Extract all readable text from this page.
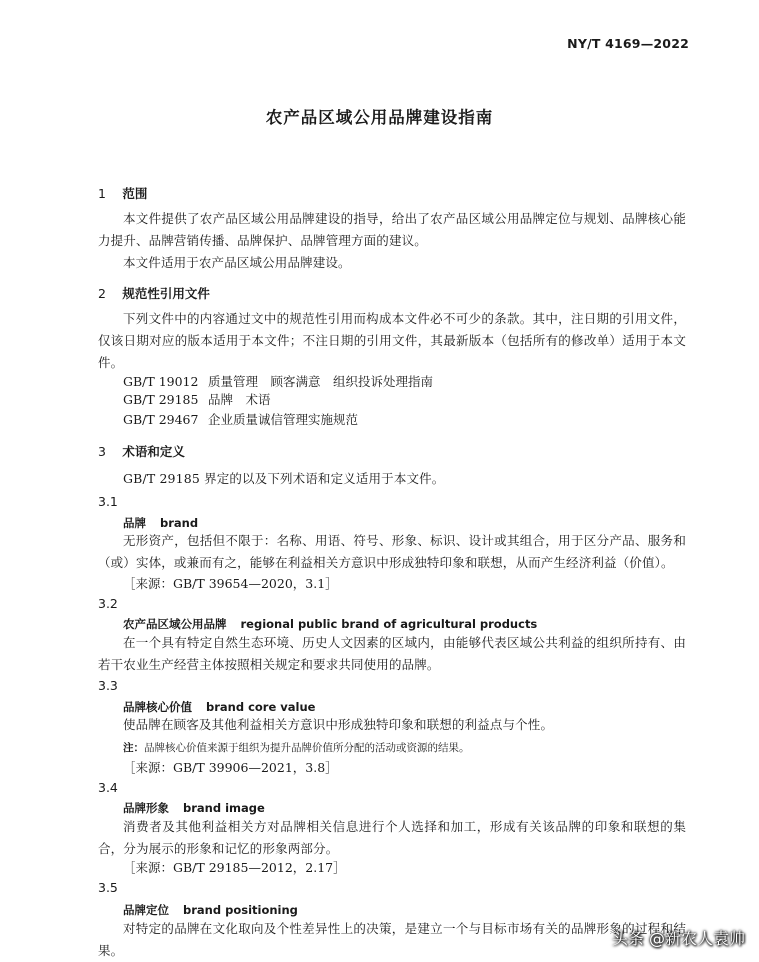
NY/T 4169—2022
农产品区域公用品牌建设指南
1 范围
本文件提供了农产品区域公用品牌建设的指导，给出了农产品区域公用品牌定位与规划、品牌核心能力提升、品牌营销传播、品牌保护、品牌管理方面的建议。
本文件适用于农产品区域公用品牌建设。
2 规范性引用文件
下列文件中的内容通过文中的规范性引用而构成本文件必不可少的条款。其中，注日期的引用文件，仅该日期对应的版本适用于本文件；不注日期的引用文件，其最新版本（包括所有的修改单）适用于本文件。
GB/T 19012 质量管理　顾客满意　组织投诉处理指南
GB/T 29185 品牌　术语
GB/T 29467 企业质量诚信管理实施规范
3 术语和定义
GB/T 29185 界定的以及下列术语和定义适用于本文件。
3.1
品牌 brand
无形资产，包括但不限于：名称、用语、符号、形象、标识、设计或其组合，用于区分产品、服务和（或）实体，或兼而有之，能够在利益相关方意识中形成独特印象和联想，从而产生经济利益（价值）。
［来源：GB/T 39654—2020，3.1］
3.2
农产品区域公用品牌 regional public brand of agricultural products
在一个具有特定自然生态环境、历史人文因素的区域内，由能够代表区域公共利益的组织所持有、由若干农业生产经营主体按照相关规定和要求共同使用的品牌。
3.3
品牌核心价值 brand core value
使品牌在顾客及其他利益相关方意识中形成独特印象和联想的利益点与个性。
注：品牌核心价值来源于组织为提升品牌价值所分配的活动或资源的结果。
［来源：GB/T 39906—2021，3.8］
3.4
品牌形象 brand image
消费者及其他利益相关方对品牌相关信息进行个人选择和加工，形成有关该品牌的印象和联想的集合，分为展示的形象和记忆的形象两部分。
［来源：GB/T 29185—2012，2.17］
3.5
品牌定位 brand positioning
对特定的品牌在文化取向及个性差异性上的决策，是建立一个与目标市场有关的品牌形象的过程和结果。
头条 @新农人袁帅
